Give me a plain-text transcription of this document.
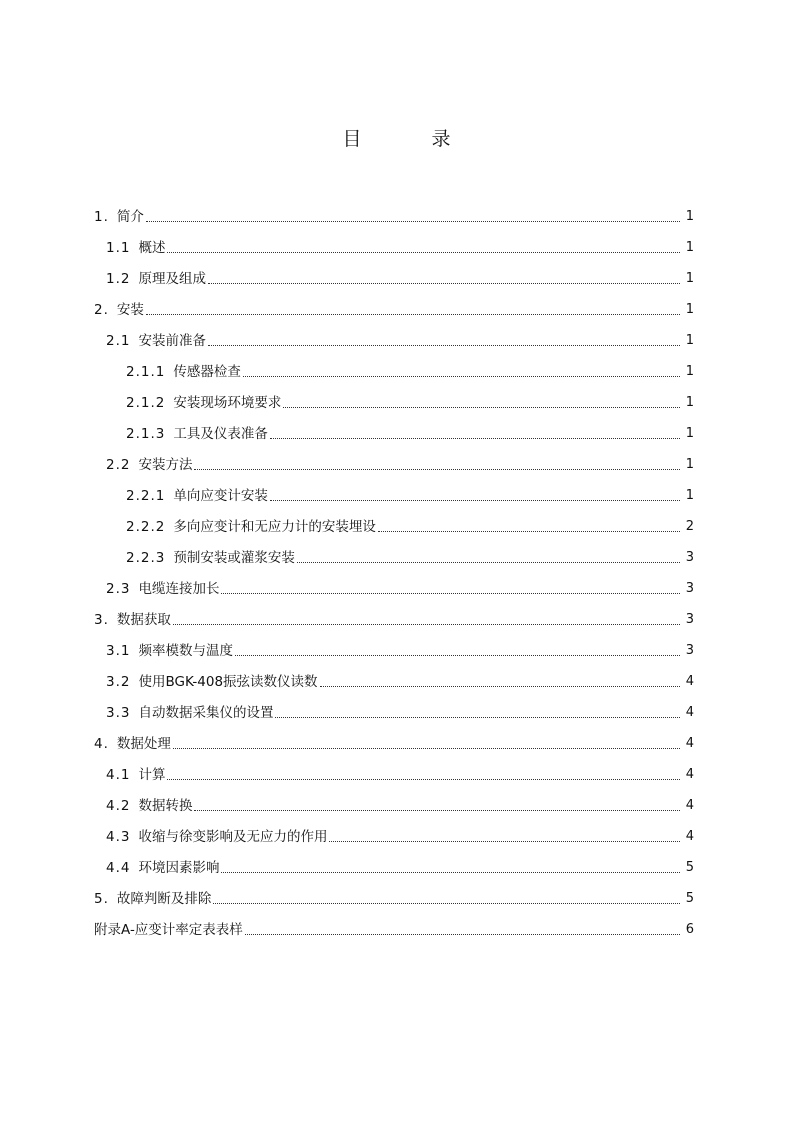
目 录
1. 简介	1
1.1 概述	1
1.2 原理及组成	1
2. 安装	1
2.1 安装前准备	1
2.1.1 传感器检查	1
2.1.2 安装现场环境要求	1
2.1.3 工具及仪表准备	1
2.2 安装方法	1
2.2.1 单向应变计安装	1
2.2.2 多向应变计和无应力计的安装埋设	2
2.2.3 预制安装或灌浆安装	3
2.3 电缆连接加长	3
3. 数据获取	3
3.1 频率模数与温度	3
3.2 使用BGK-408振弦读数仪读数	4
3.3 自动数据采集仪的设置	4
4. 数据处理	4
4.1 计算	4
4.2 数据转换	4
4.3 收缩与徐变影响及无应力的作用	4
4.4 环境因素影响	5
5. 故障判断及排除	5
附录A-应变计率定表表样	6
